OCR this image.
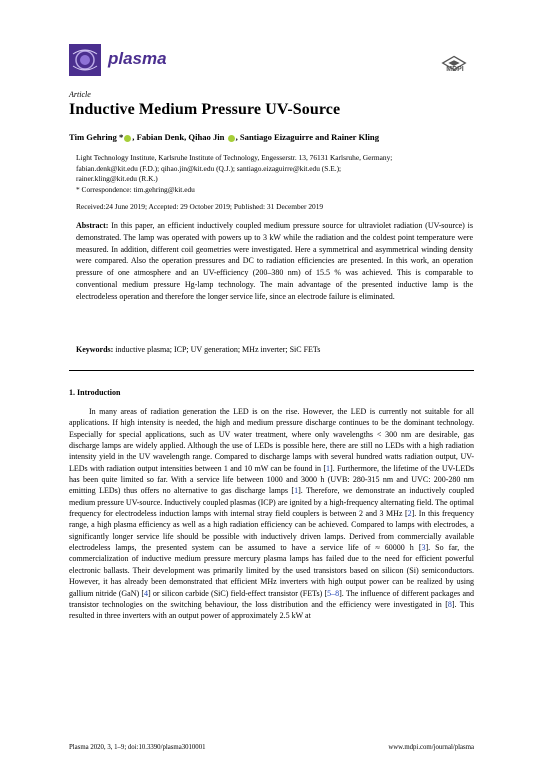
plasma
MDPI
Article
Inductive Medium Pressure UV-Source
Tim Gehring * , Fabian Denk, Qihao Jin , Santiago Eizaguirre and Rainer Kling
Light Technology Institute, Karlsruhe Institute of Technology, Engesserstr. 13, 76131 Karlsruhe, Germany;
fabian.denk@kit.edu (F.D.); qihao.jin@kit.edu (Q.J.); santiago.eizaguirre@kit.edu (S.E.);
rainer.kling@kit.edu (R.K.)
* Correspondence: tim.gehring@kit.edu
Received:24 June 2019; Accepted: 29 October 2019; Published: 31 December 2019
Abstract: In this paper, an efficient inductively coupled medium pressure source for ultraviolet radiation (UV-source) is demonstrated. The lamp was operated with powers up to 3 kW while the radiation and the coldest point temperature were measured. In addition, different coil geometries were investigated. Here a symmetrical and asymmetrical winding density were compared. Also the operation pressures and DC to radiation efficiencies are presented. In this work, an operation pressure of one atmosphere and an UV-efficiency (200–380 nm) of 15.5 % was achieved. This is comparable to conventional medium pressure Hg-lamp technology. The main advantage of the presented inductive lamp is the electrodeless operation and therefore the longer service life, since an electrode failure is eliminated.
Keywords: inductive plasma; ICP; UV generation; MHz inverter; SiC FETs
1. Introduction
In many areas of radiation generation the LED is on the rise. However, the LED is currently not suitable for all applications. If high intensity is needed, the high and medium pressure discharge continues to be the dominant technology. Especially for special applications, such as UV water treatment, where only wavelengths < 300 nm are desirable, gas discharge lamps are widely applied. Although the use of LEDs is possible here, there are still no LEDs with a high radiation intensity yield in the UV wavelength range. Compared to discharge lamps with several hundred watts radiation output, UV-LEDs with radiation output intensities between 1 and 10 mW can be found in [1]. Furthermore, the lifetime of the UV-LEDs has been quite limited so far. With a service life between 1000 and 3000 h (UVB: 280-315 nm and UVC: 200-280 nm emitting LEDs) thus offers no alternative to gas discharge lamps [1]. Therefore, we demonstrate an inductively coupled medium pressure UV-source. Inductively coupled plasmas (ICP) are ignited by a high-frequency alternating field. The optimal frequency for electrodeless induction lamps with internal stray field couplers is between 2 and 3 MHz [2]. In this frequency range, a high plasma efficiency as well as a high radiation efficiency can be achieved. Compared to lamps with electrodes, a significantly longer service life should be possible with inductively driven lamps. Derived from commercially available electrodeless lamps, the presented system can be assumed to have a service life of ≈ 60000 h [3]. So far, the commercialization of inductive medium pressure mercury plasma lamps has failed due to the need for efficient powerful electronic ballasts. Their development was primarily limited by the used transistors based on silicon (Si) semiconductors. However, it has already been demonstrated that efficient MHz inverters with high output power can be realized by using gallium nitride (GaN) [4] or silicon carbide (SiC) field-effect transistor (FETs) [5–8]. The influence of different packages and transistor technologies on the switching behaviour, the loss distribution and the efficiency were investigated in [8]. This resulted in three inverters with an output power of approximately 2.5 kW at
Plasma 2020, 3, 1–9; doi:10.3390/plasma3010001	www.mdpi.com/journal/plasma
